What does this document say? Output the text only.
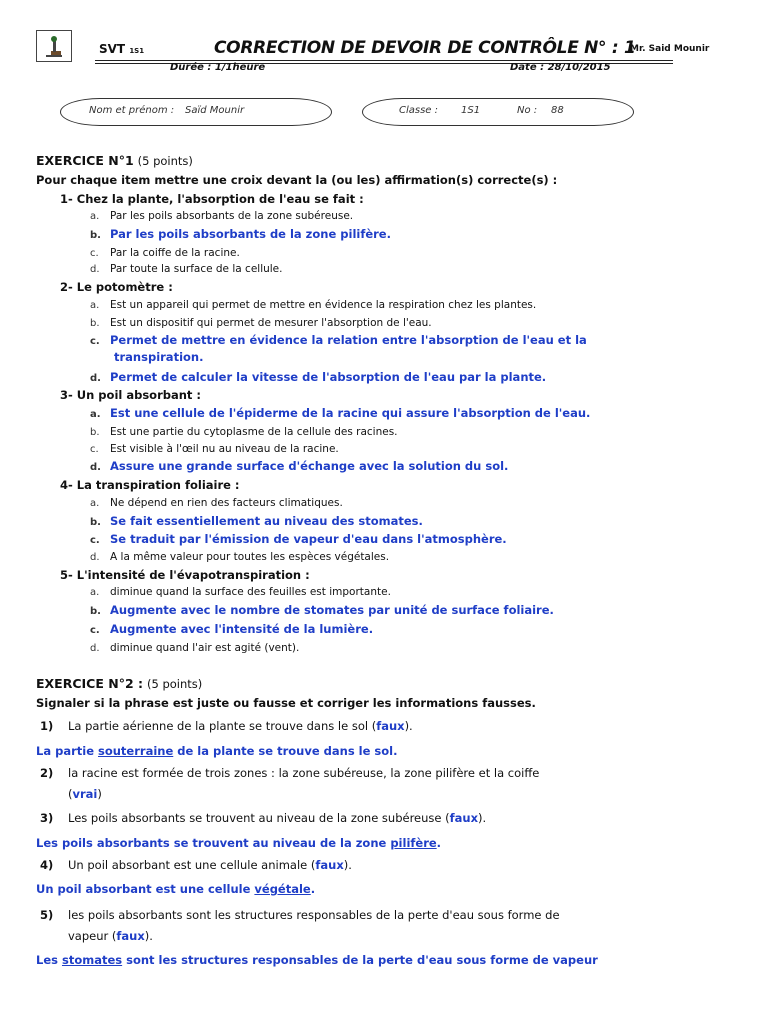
SVT 1S1	CORRECTION DE DEVOIR DE CONTRÔLE N° : 1
Mr. Said Mounir
Durée : 1/1heure	Date : 28/10/2015
Nom et prénom : Saïd Mounir	Classe : 1S1	No : 88
EXERCICE N°1 (5 points)
Pour chaque item mettre une croix devant la (ou les) affirmation(s) correcte(s) :
1- Chez la plante, l'absorption de l'eau se fait :
a. Par les poils absorbants de la zone subéreuse.
b. Par les poils absorbants de la zone pilifère.
c. Par la coiffe de la racine.
d. Par toute la surface de la cellule.
2- Le potomètre :
a. Est un appareil qui permet de mettre en évidence la respiration chez les plantes.
b. Est un dispositif qui permet de mesurer l'absorption de l'eau.
c. Permet de mettre en évidence la relation entre l'absorption de l'eau et la
transpiration.
d. Permet de calculer la vitesse de l'absorption de l'eau par la plante.
3- Un poil absorbant :
a. Est une cellule de l'épiderme de la racine qui assure l'absorption de l'eau.
b. Est une partie du cytoplasme de la cellule des racines.
c. Est visible à l'œil nu au niveau de la racine.
d. Assure une grande surface d'échange avec la solution du sol.
4- La transpiration foliaire :
a. Ne dépend en rien des facteurs climatiques.
b. Se fait essentiellement au niveau des stomates.
c. Se traduit par l'émission de vapeur d'eau dans l'atmosphère.
d. A la même valeur pour toutes les espèces végétales.
5- L'intensité de l'évapotranspiration :
a. diminue quand la surface des feuilles est importante.
b. Augmente avec le nombre de stomates par unité de surface foliaire.
c. Augmente avec l'intensité de la lumière.
d. diminue quand l'air est agité (vent).
EXERCICE N°2 : (5 points)
Signaler si la phrase est juste ou fausse et corriger les informations fausses.
1) La partie aérienne de la plante se trouve dans le sol (faux).
La partie souterraine de la plante se trouve dans le sol.
2) la racine est formée de trois zones : la zone subéreuse, la zone pilifère et la coiffe
(vrai)
3) Les poils absorbants se trouvent au niveau de la zone subéreuse (faux).
Les poils absorbants se trouvent au niveau de la zone pilifère.
4) Un poil absorbant est une cellule animale (faux).
Un poil absorbant est une cellule végétale.
5) les poils absorbants sont les structures responsables de la perte d'eau sous forme de
vapeur (faux).
Les stomates sont les structures responsables de la perte d'eau sous forme de vapeur
